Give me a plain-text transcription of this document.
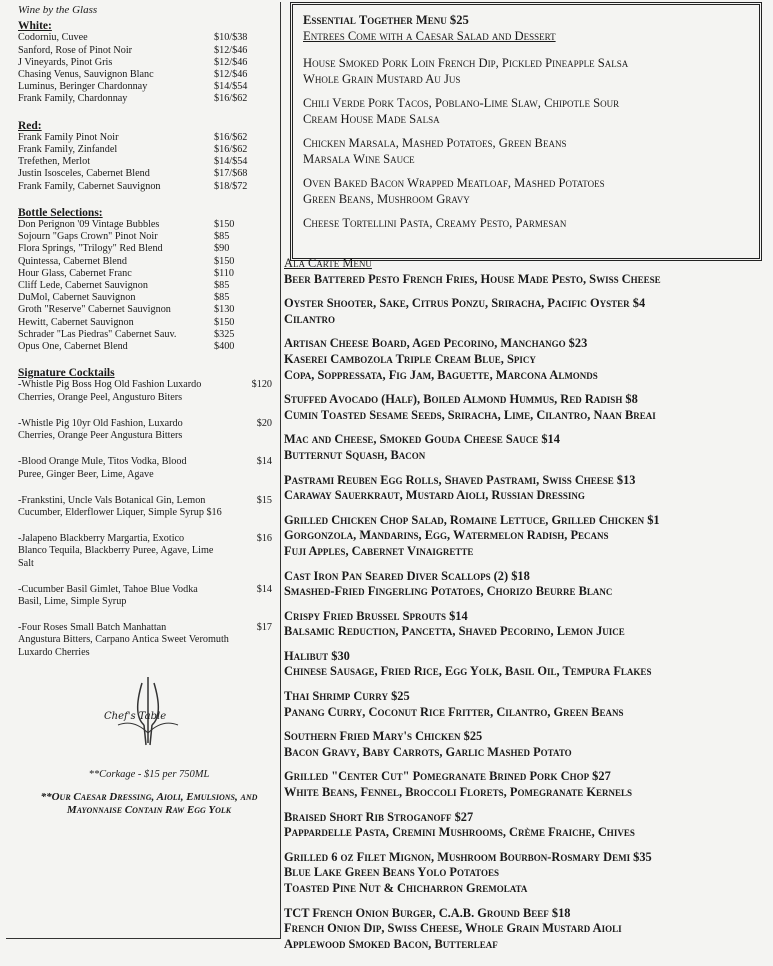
Wine by the Glass
White:
Codorniu, Cuvee	$10/$38
Sanford, Rose of Pinot Noir	$12/$46
J Vineyards, Pinot Gris	$12/$46
Chasing Venus, Sauvignon Blanc	$12/$46
Luminus, Beringer Chardonnay	$14/$54
Frank Family, Chardonnay	$16/$62
Red:
Frank Family Pinot Noir	$16/$62
Frank Family, Zinfandel	$16/$62
Trefethen, Merlot	$14/$54
Justin Isosceles, Cabernet Blend	$17/$68
Frank Family, Cabernet Sauvignon	$18/$72
Bottle Selections:
Don Perignon '09 Vintage Bubbles	$150
Sojourn "Gaps Crown" Pinot Noir	$85
Flora Springs, "Trilogy" Red Blend	$90
Quintessa, Cabernet Blend	$150
Hour Glass, Cabernet Franc	$110
Cliff Lede, Cabernet Sauvignon	$85
DuMol, Cabernet Sauvignon	$85
Groth "Reserve" Cabernet Sauvignon	$130
Hewitt, Cabernet Sauvignon	$150
Schrader "Las Piedras" Cabernet Sauv.	$325
Opus One, Cabernet Blend	$400
Signature Cocktails
-Whistle Pig Boss Hog Old Fashion Luxardo	$120
Cherries, Orange Peel, Angusturo Biters
-Whistle Pig 10yr Old Fashion, Luxardo	$20
Cherries, Orange Peer Angustura Bitters
-Blood Orange Mule, Titos Vodka, Blood	$14
Puree, Ginger Beer, Lime, Agave
-Frankstini, Uncle Vals Botanical Gin, Lemon	$15
Cucumber, Elderflower Liquer, Simple Syrup $16
-Jalapeno Blackberry Margartia, Exotico	$16
Blanco Tequila, Blackberry Puree, Agave, Lime
Salt
-Cucumber Basil Gimlet, Tahoe Blue Vodka	$14
Basil, Lime, Simple Syrup
-Four Roses Small Batch Manhattan	$17
Angustura Bitters, Carpano Antica Sweet Veromuth
Luxardo Cherries
Chef's Table
**Corkage - $15 per 750ML
**Our Caesar Dressing, Aioli, Emulsions, and Mayonnaise Contain Raw Egg Yolk
Essential Together Menu $25
Entrees Come with a Caesar Salad and Dessert
House Smoked Pork Loin French Dip, Pickled Pineapple Salsa
Whole Grain Mustard Au Jus
Chili Verde Pork Tacos, Poblano-Lime Slaw, Chipotle Sour
Cream House Made Salsa
Chicken Marsala, Mashed Potatoes, Green Beans
Marsala Wine Sauce
Oven Baked Bacon Wrapped Meatloaf, Mashed Potatoes
Green Beans, Mushroom Gravy
Cheese Tortellini Pasta, Creamy Pesto, Parmesan
Ala Carte Menu
Beer Battered Pesto French Fries, House Made Pesto, Swiss Cheese
Oyster Shooter, Sake, Citrus Ponzu, Sriracha, Pacific Oyster $4
Cilantro
Artisan Cheese Board, Aged Pecorino, Manchango $23
Kaserei Cambozola Triple Cream Blue, Spicy
Copa, Soppressata, Fig Jam, Baguette, Marcona Almonds
Stuffed Avocado (Half), Boiled Almond Hummus, Red Radish $8
Cumin Toasted Sesame Seeds, Sriracha, Lime, Cilantro, Naan Breai
Mac and Cheese, Smoked Gouda Cheese Sauce $14
Butternut Squash, Bacon
Pastrami Reuben Egg Rolls, Shaved Pastrami, Swiss Cheese $13
Caraway Sauerkraut, Mustard Aioli, Russian Dressing
Grilled Chicken Chop Salad, Romaine Lettuce, Grilled Chicken $1
Gorgonzola, Mandarins, Egg, Watermelon Radish, Pecans
Fuji Apples, Cabernet Vinaigrette
Cast Iron Pan Seared Diver Scallops (2) $18
Smashed-Fried Fingerling Potatoes, Chorizo Beurre Blanc
Crispy Fried Brussel Sprouts $14
Balsamic Reduction, Pancetta, Shaved Pecorino, Lemon Juice
Halibut $30
Chinese Sausage, Fried Rice, Egg Yolk, Basil Oil, Tempura Flakes
Thai Shrimp Curry $25
Panang Curry, Coconut Rice Fritter, Cilantro, Green Beans
Southern Fried Mary's Chicken $25
Bacon Gravy, Baby Carrots, Garlic Mashed Potato
Grilled "Center Cut" Pomegranate Brined Pork Chop $27
White Beans, Fennel, Broccoli Florets, Pomegranate Kernels
Braised Short Rib Stroganoff $27
Pappardelle Pasta, Cremini Mushrooms, Crème Fraiche, Chives
Grilled 6 oz Filet Mignon, Mushroom Bourbon-Rosmary Demi $35
Blue Lake Green Beans Yolo Potatoes
Toasted Pine Nut & Chicharron Gremolata
TCT French Onion Burger, C.A.B. Ground Beef $18
French Onion Dip, Swiss Cheese, Whole Grain Mustard Aioli
Applewood Smoked Bacon, Butterleaf
